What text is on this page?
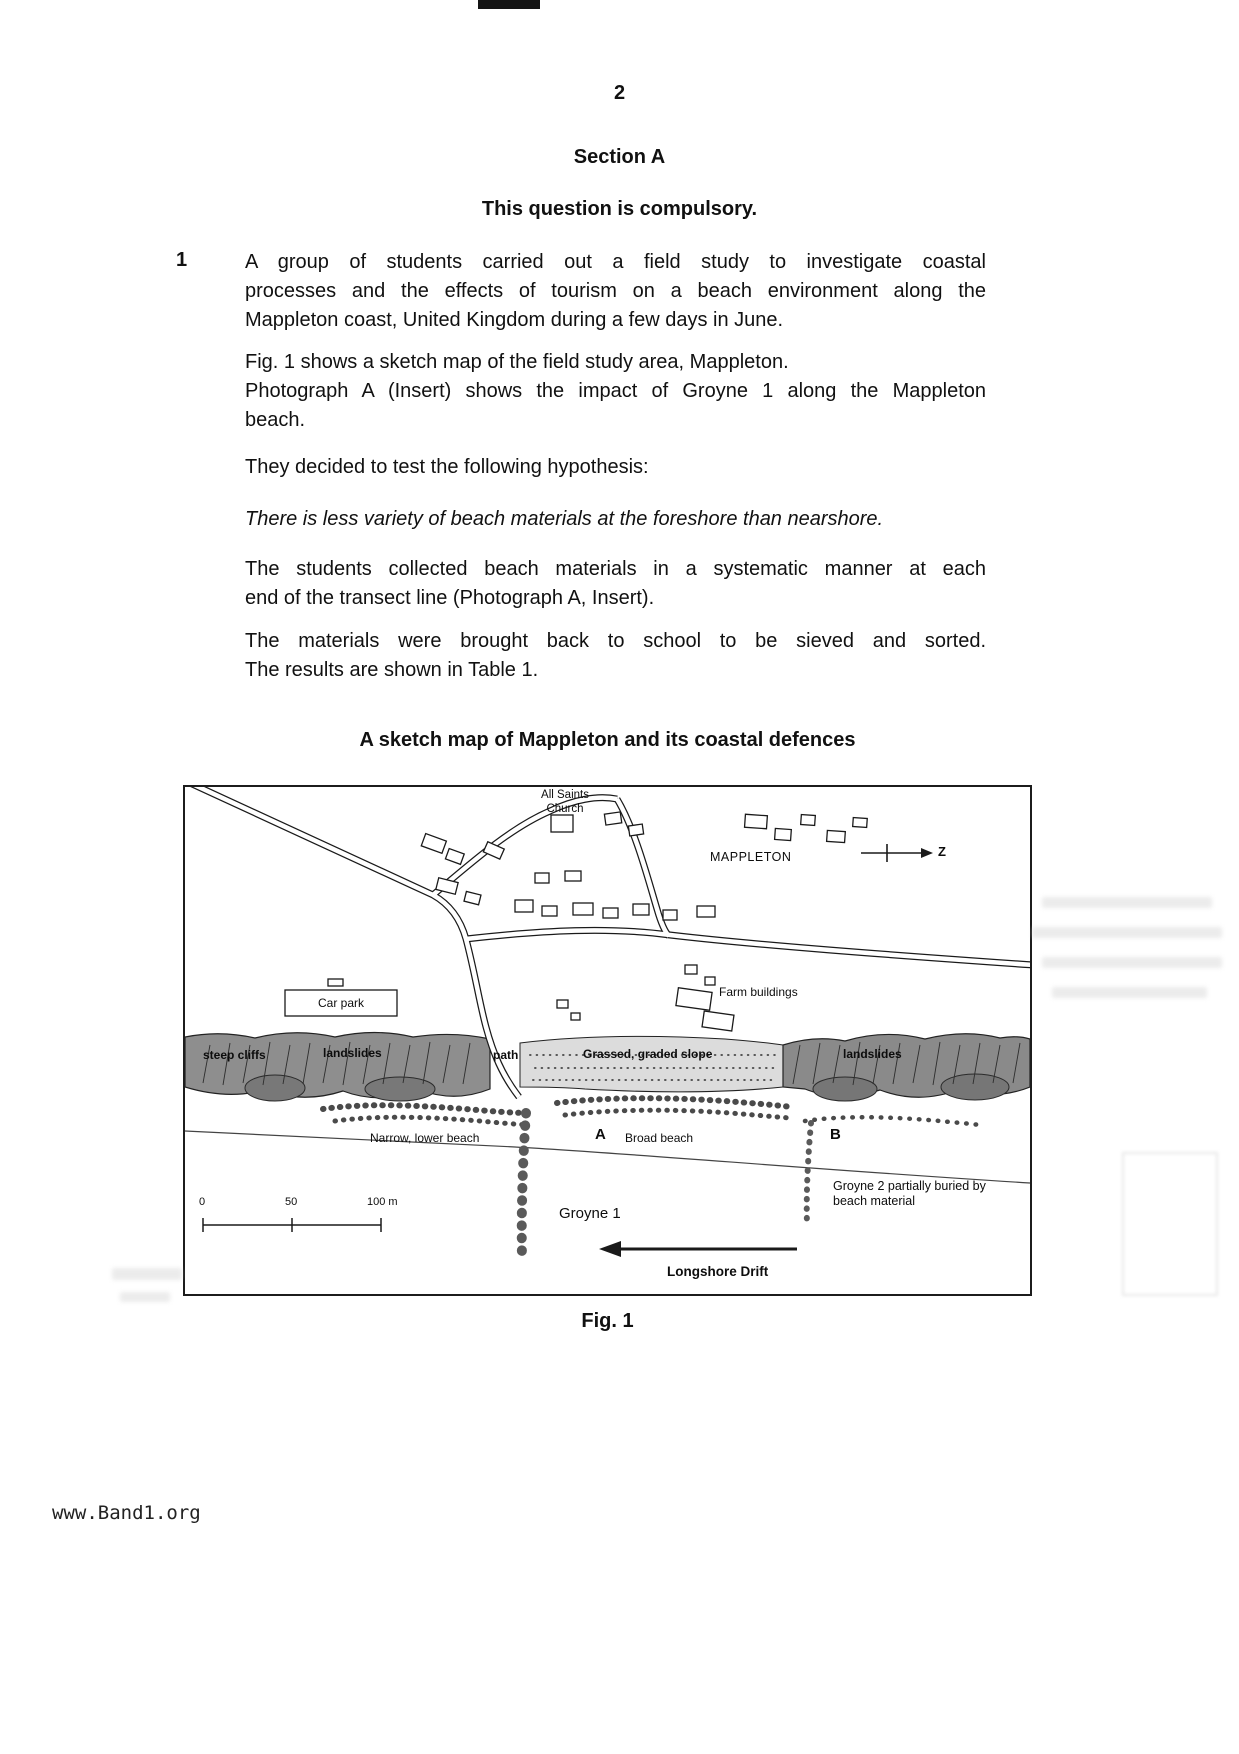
2
Section A
This question is compulsory.
1	A group of students carried out a field study to investigate coastal
processes and the effects of tourism on a beach environment along the
Mappleton coast, United Kingdom during a few days in June.
Fig. 1 shows a sketch map of the field study area, Mappleton.
Photograph A (Insert) shows the impact of Groyne 1 along the Mappleton
beach.
They decided to test the following hypothesis:
There is less variety of beach materials at the foreshore than nearshore.
The students collected beach materials in a systematic manner at each
end of the transect line (Photograph A, Insert).
The materials were brought back to school to be sieved and sorted.
The results are shown in Table 1.
A sketch map of Mappleton and its coastal defences
All Saints
Church
MAPPLETON	Z
Car park
steep cliffs	landslides	path	Grassed, graded slope
Farm buildings
landslides
Narrow, lower beach	A Broad beach	B
Groyne 2 partially buried by beach material
Groyne 1
Longshore Drift
0	50	100 m
Fig. 1
www.Band1.org
